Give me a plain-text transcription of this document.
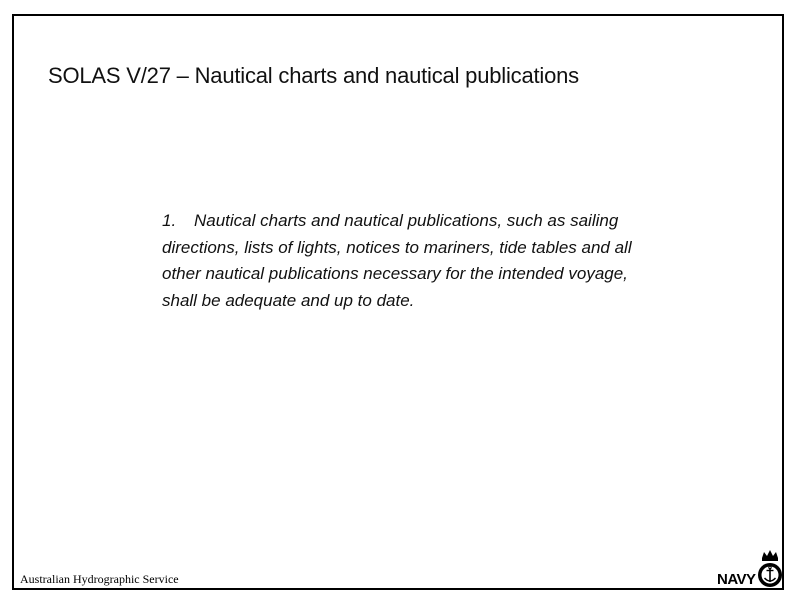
SOLAS V/27 – Nautical charts and nautical publications
1. Nautical charts and nautical publications, such as sailing directions, lists of lights, notices to mariners, tide tables and all other nautical publications necessary for the intended voyage, shall be adequate and up to date.
Australian Hydrographic Service	NAVY
